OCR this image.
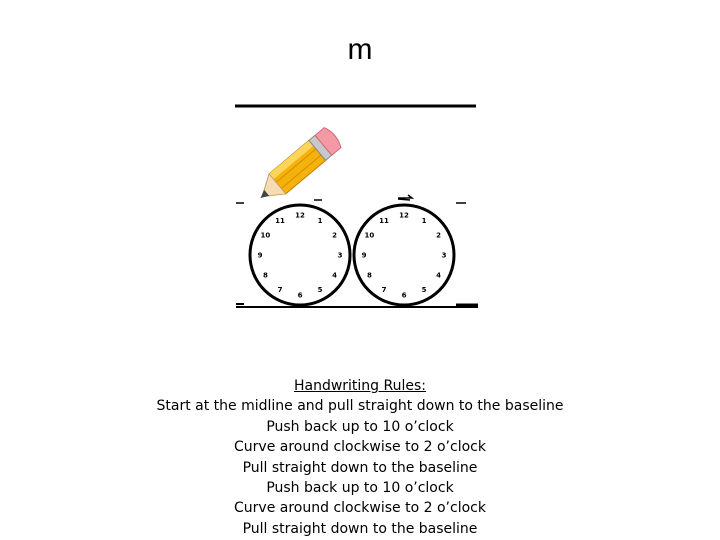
m
12
1
2
3
4
5
6
7
8
9
10
11
12
1
2
3
4
5
6
7
8
9
10
11
Handwriting Rules:
Start at the midline and pull straight down to the baseline
Push back up to 10 o’clock
Curve around clockwise to 2 o’clock
Pull straight down to the baseline
Push back up to 10 o’clock
Curve around clockwise to 2 o’clock
Pull straight down to the baseline
